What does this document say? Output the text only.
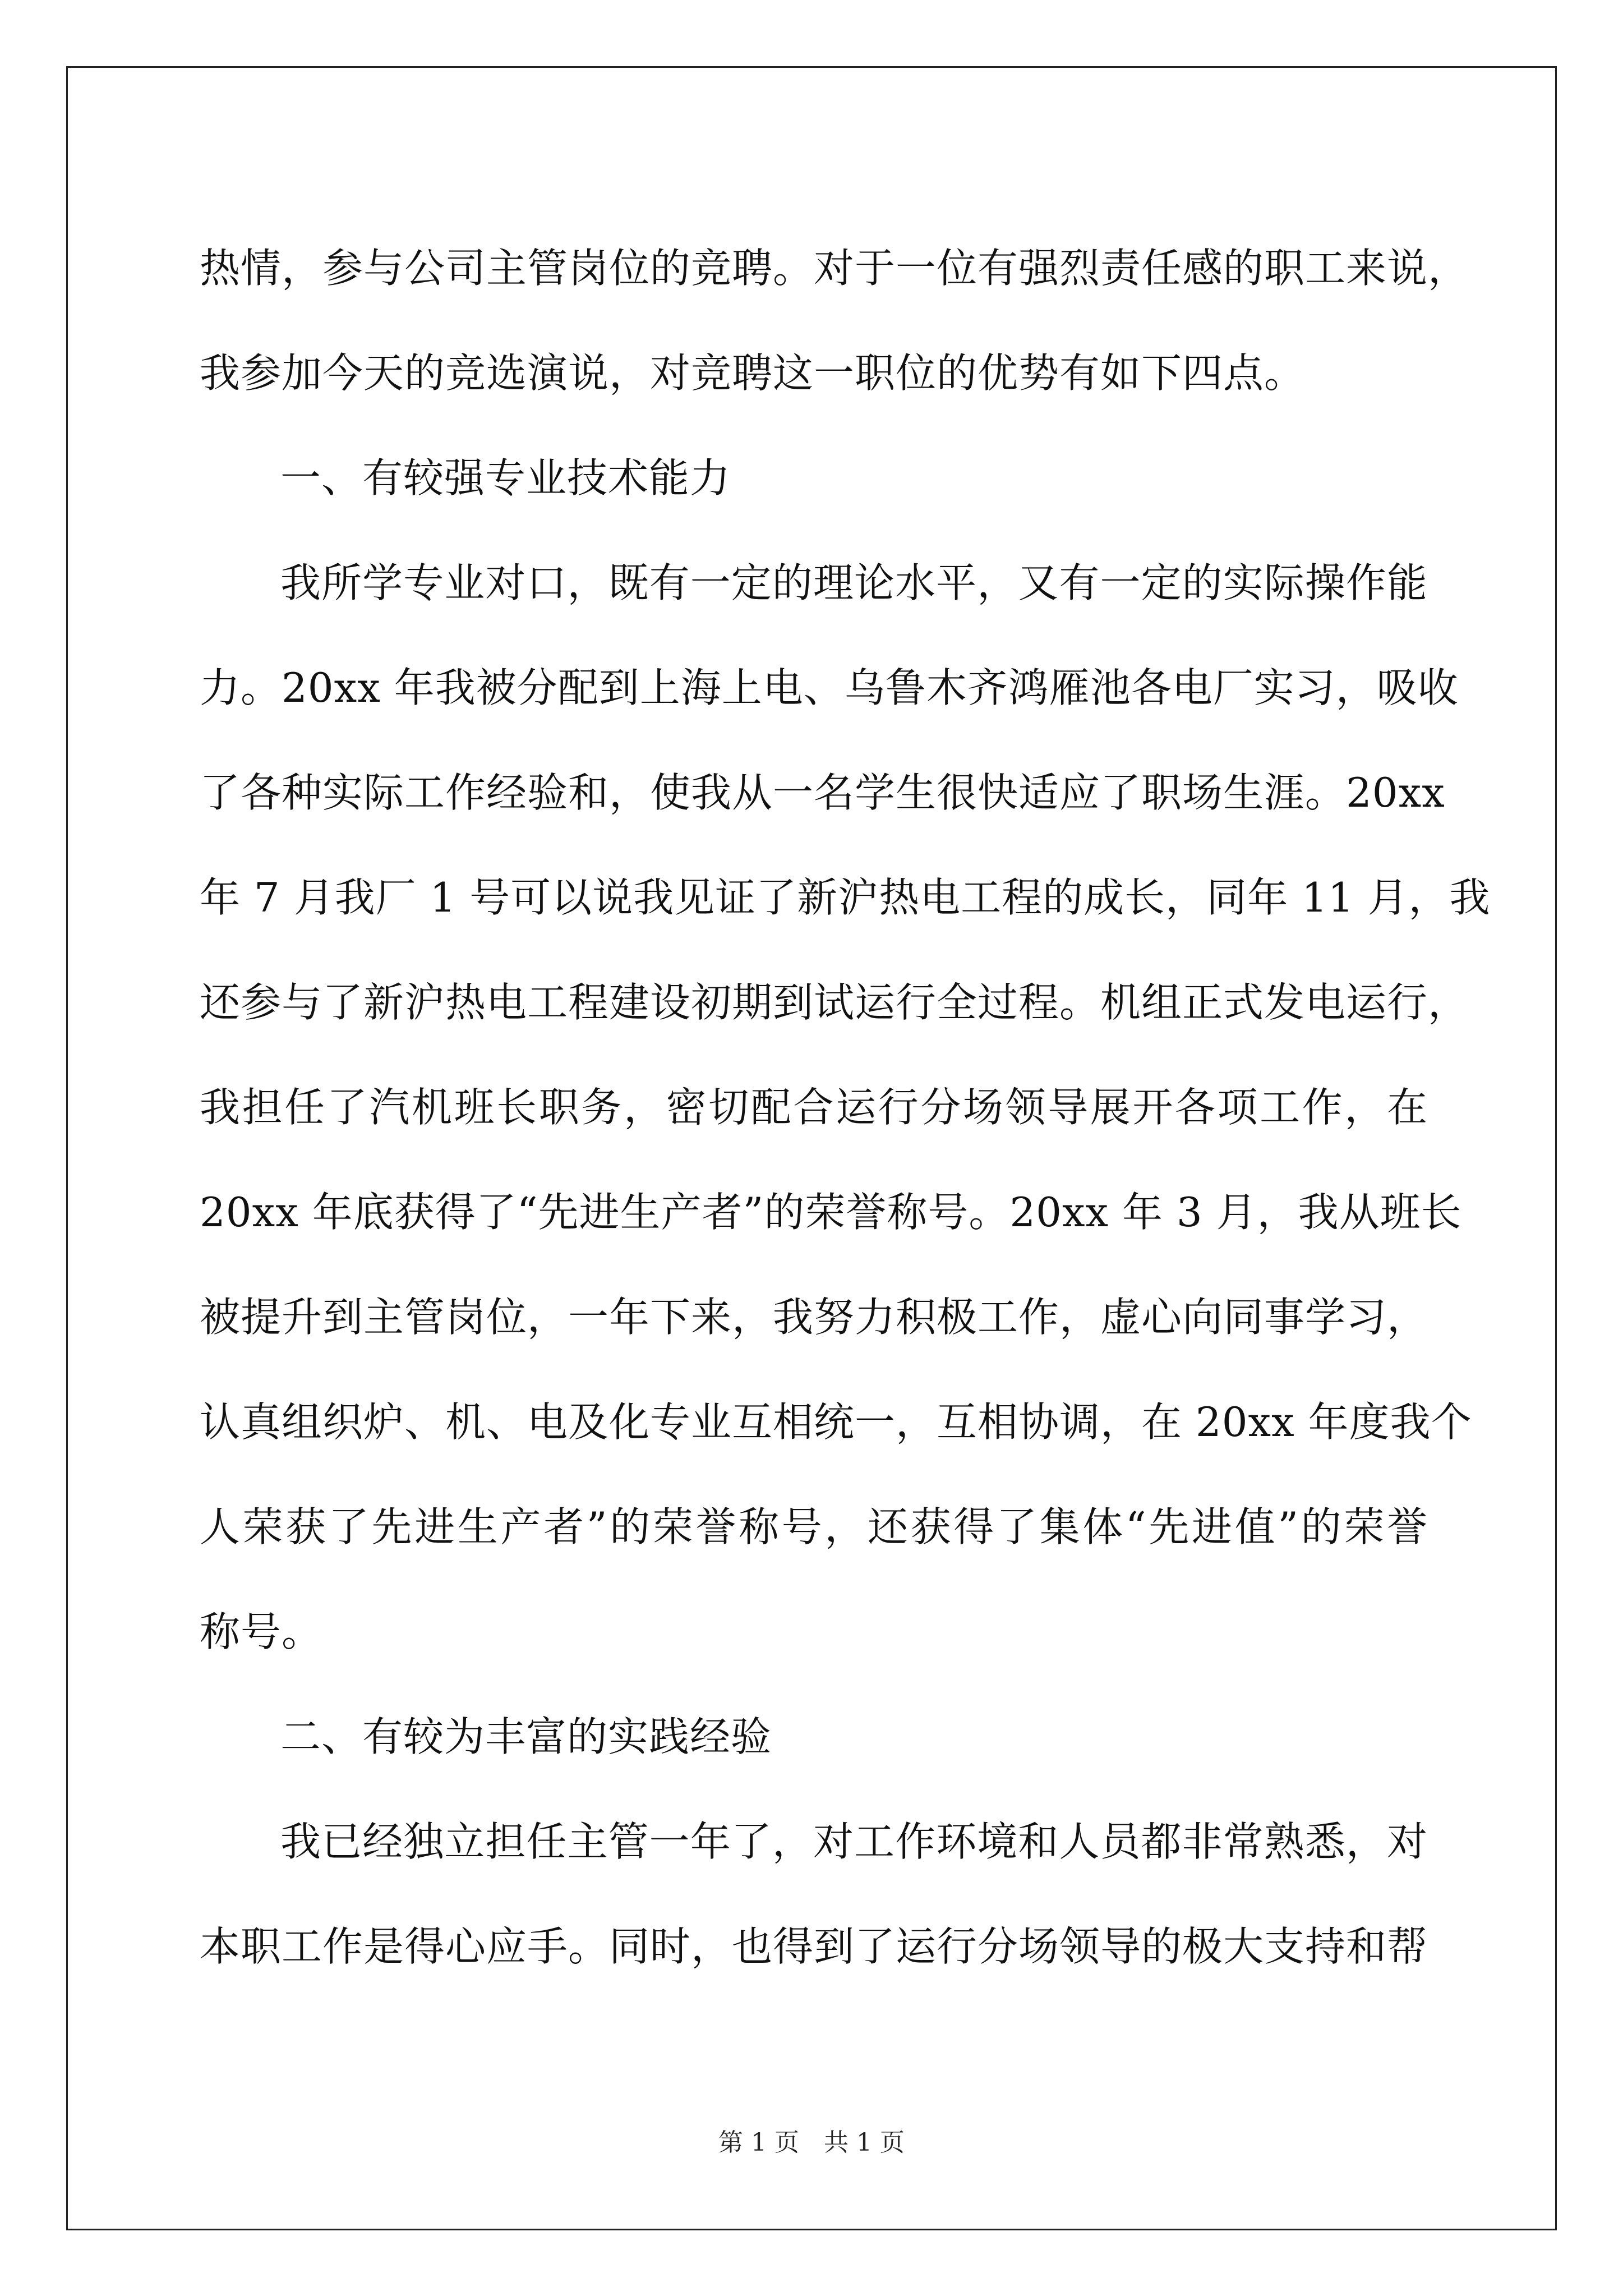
热情，参与公司主管岗位的竞聘。对于一位有强烈责任感的职工来说，
我参加今天的竞选演说，对竞聘这一职位的优势有如下四点。
一、有较强专业技术能力
我所学专业对口，既有一定的理论水平，又有一定的实际操作能
力。20xx 年我被分配到上海上电、乌鲁木齐鸿雁池各电厂实习，吸收
了各种实际工作经验和，使我从一名学生很快适应了职场生涯。20xx
年 7 月我厂 1 号可以说我见证了新沪热电工程的成长，同年 11 月，我
还参与了新沪热电工程建设初期到试运行全过程。机组正式发电运行，
我担任了汽机班长职务，密切配合运行分场领导展开各项工作，在
20xx 年底获得了“先进生产者”的荣誉称号。20xx 年 3 月，我从班长
被提升到主管岗位，一年下来，我努力积极工作，虚心向同事学习，
认真组织炉、机、电及化专业互相统一，互相协调，在 20xx 年度我个
人荣获了先进生产者”的荣誉称号，还获得了集体“先进值”的荣誉
称号。
二、有较为丰富的实践经验
我已经独立担任主管一年了，对工作环境和人员都非常熟悉，对
本职工作是得心应手。同时，也得到了运行分场领导的极大支持和帮
第 1 页 共 1 页
